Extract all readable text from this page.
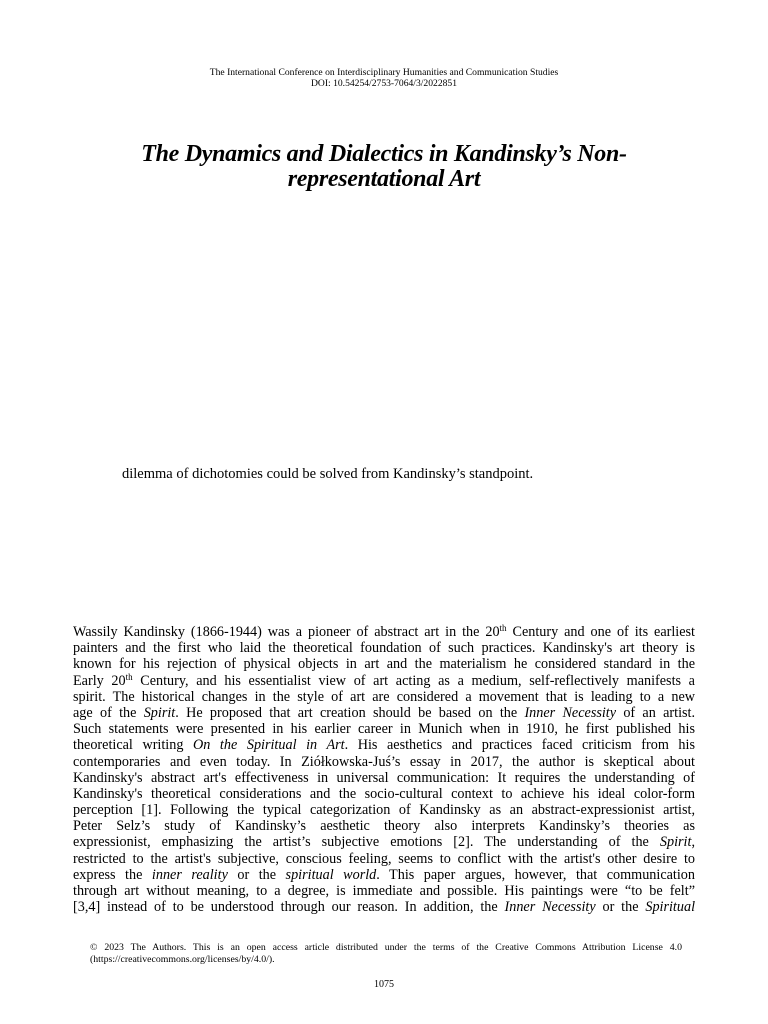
The International Conference on Interdisciplinary Humanities and Communication Studies
DOI: 10.54254/2753-7064/3/2022851
The Dynamics and Dialectics in Kandinsky’s Non-
representational Art
dilemma of dichotomies could be solved from Kandinsky’s standpoint.
Wassily Kandinsky (1866-1944) was a pioneer of abstract art in the 20th Century and one of its earliest
painters and the first who laid the theoretical foundation of such practices. Kandinsky's art theory is
known for his rejection of physical objects in art and the materialism he considered standard in the
Early 20th Century, and his essentialist view of art acting as a medium, self-reflectively manifests a
spirit. The historical changes in the style of art are considered a movement that is leading to a new
age of the Spirit. He proposed that art creation should be based on the Inner Necessity of an artist.
Such statements were presented in his earlier career in Munich when in 1910, he first published his
theoretical writing On the Spiritual in Art. His aesthetics and practices faced criticism from his
contemporaries and even today. In Ziółkowska-Juś’s essay in 2017, the author is skeptical about
Kandinsky's abstract art's effectiveness in universal communication: It requires the understanding of
Kandinsky's theoretical considerations and the socio-cultural context to achieve his ideal color-form
perception [1]. Following the typical categorization of Kandinsky as an abstract-expressionist artist,
Peter Selz’s study of Kandinsky’s aesthetic theory also interprets Kandinsky’s theories as
expressionist, emphasizing the artist’s subjective emotions [2]. The understanding of the Spirit,
restricted to the artist's subjective, conscious feeling, seems to conflict with the artist's other desire to
express the inner reality or the spiritual world. This paper argues, however, that communication
through art without meaning, to a degree, is immediate and possible. His paintings were “to be felt”
[3,4] instead of to be understood through our reason. In addition, the Inner Necessity or the Spiritual
© 2023 The Authors. This is an open access article distributed under the terms of the Creative Commons Attribution License 4.0
(https://creativecommons.org/licenses/by/4.0/).
1075
